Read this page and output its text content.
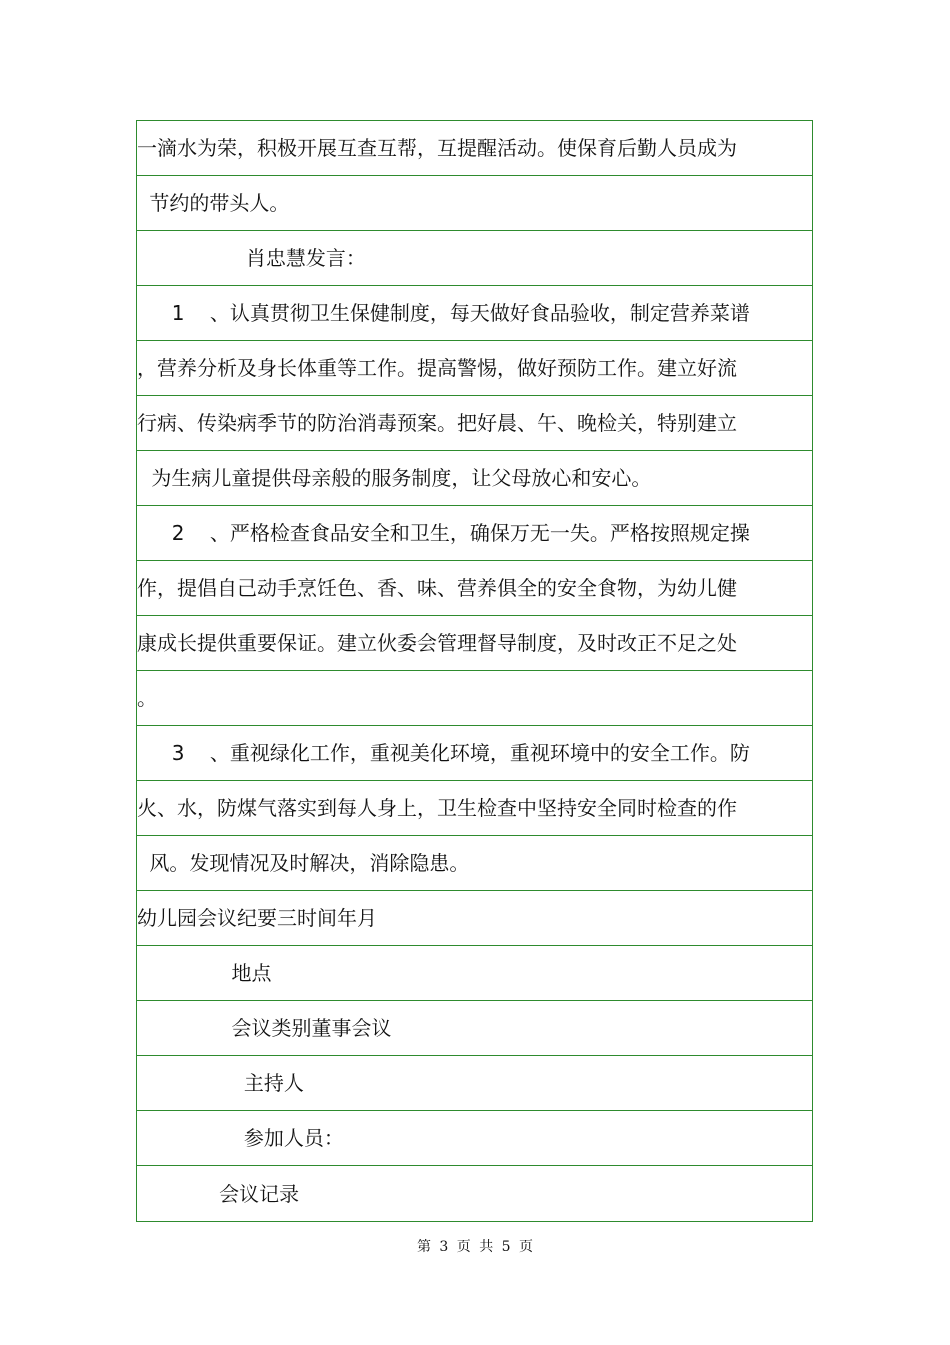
一滴水为荣，积极开展互查互帮，互提醒活动。使保育后勤人员成为
节约的带头人。
肖忠慧发言：
1    、认真贯彻卫生保健制度，每天做好食品验收，制定营养菜谱
，营养分析及身长体重等工作。提高警惕，做好预防工作。建立好流
行病、传染病季节的防治消毒预案。把好晨、午、晚检关，特别建立
为生病儿童提供母亲般的服务制度，让父母放心和安心。
2    、严格检查食品安全和卫生，确保万无一失。严格按照规定操
作，提倡自己动手烹饪色、香、味、营养俱全的安全食物，为幼儿健
康成长提供重要保证。建立伙委会管理督导制度，及时改正不足之处
。
3    、重视绿化工作，重视美化环境，重视环境中的安全工作。防
火、水，防煤气落实到每人身上，卫生检查中坚持安全同时检查的作
风。发现情况及时解决，消除隐患。
幼儿园会议纪要三时间年月
地点
会议类别董事会议
主持人
参加人员：
会议记录
第 3 页 共 5 页
